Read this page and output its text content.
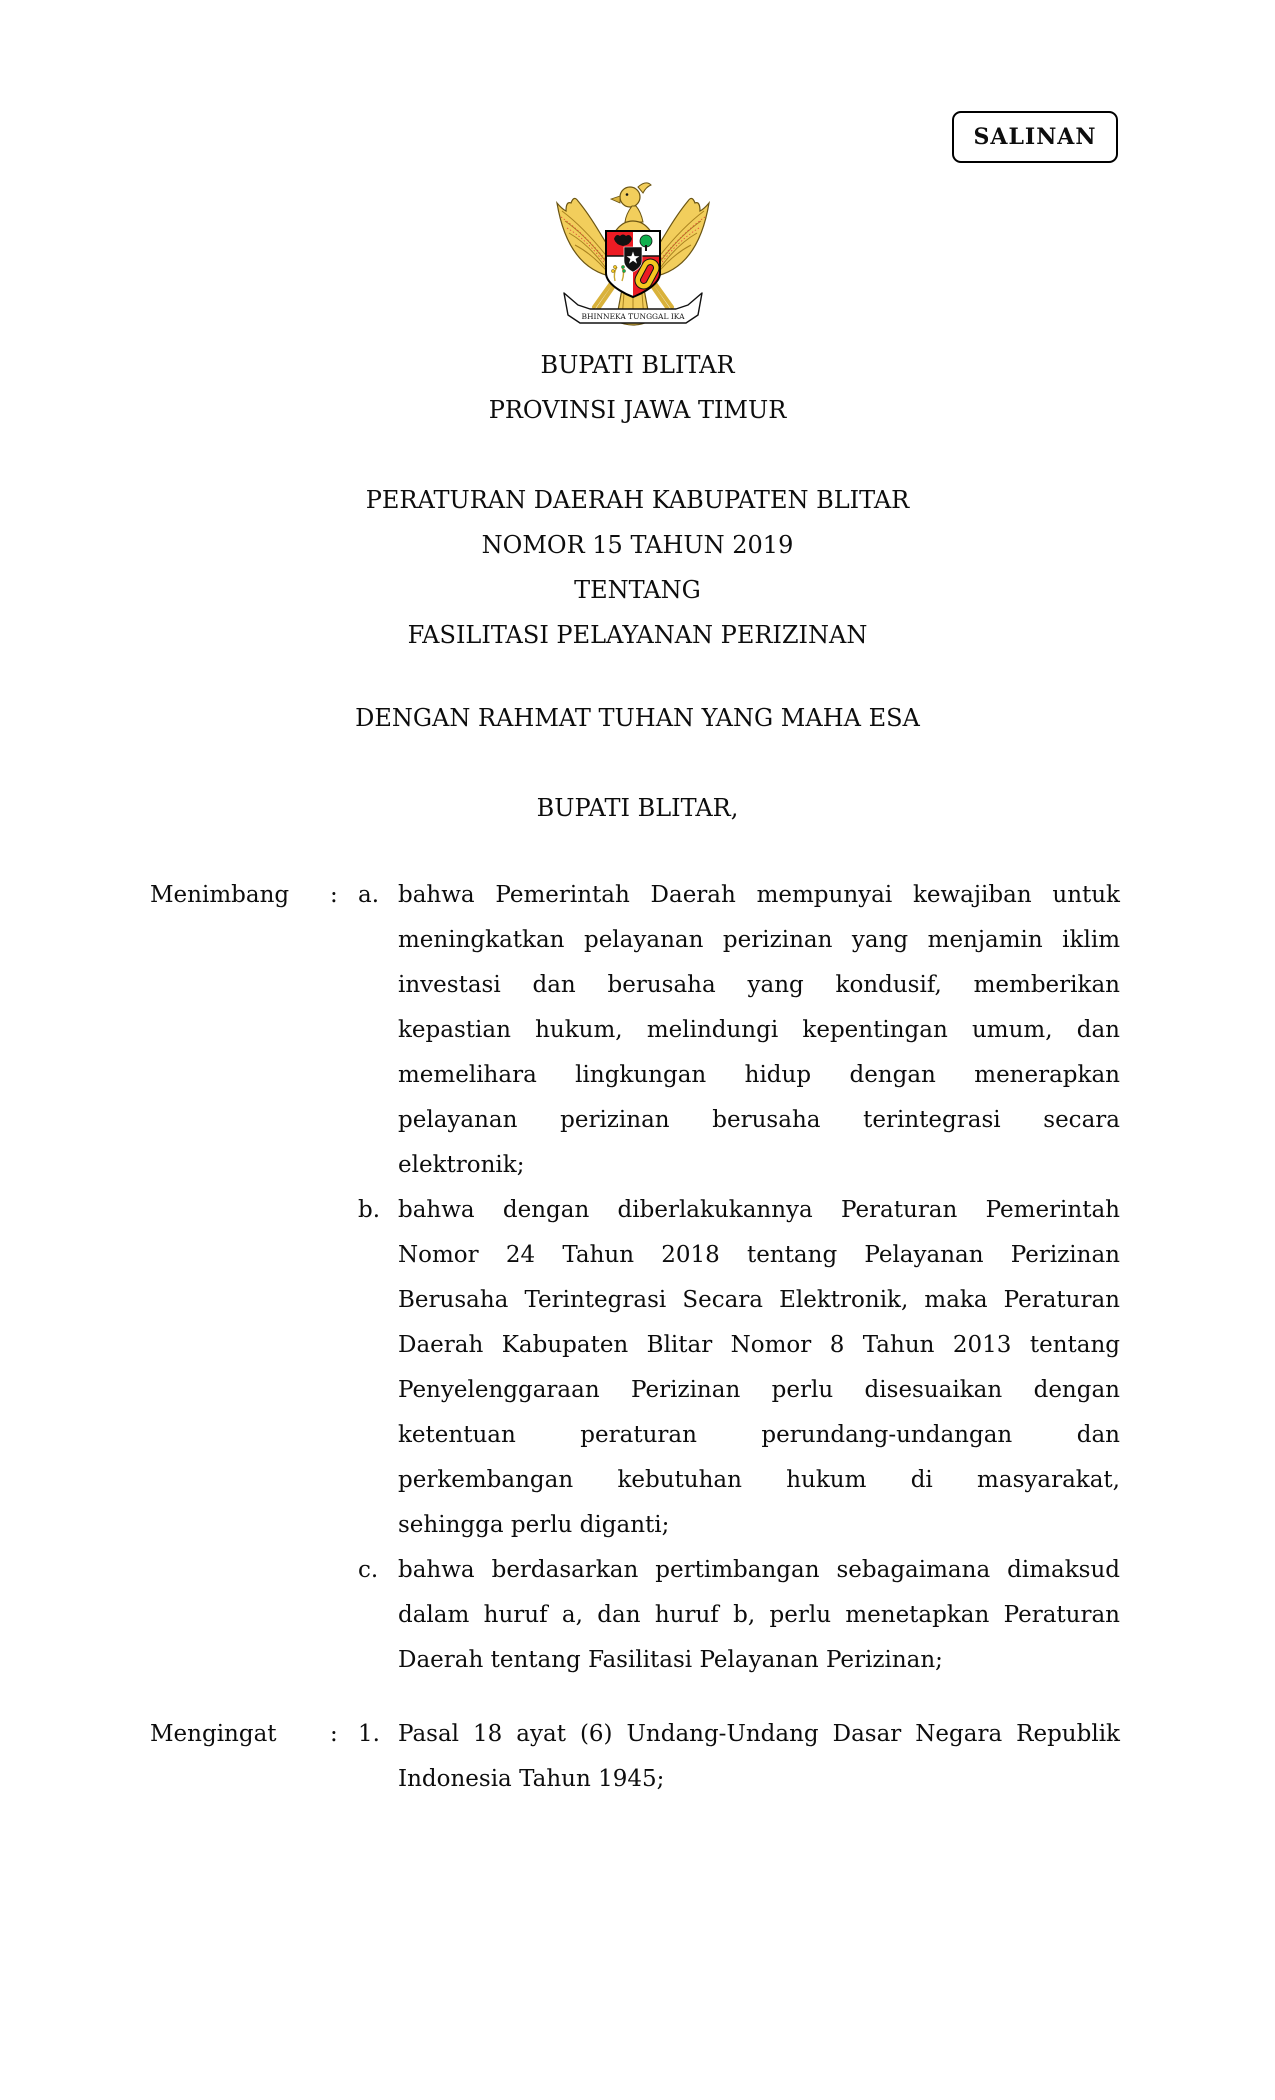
SALINAN
BHINNEKA TUNGGAL IKA
BUPATI BLITAR
PROVINSI JAWA TIMUR
PERATURAN DAERAH KABUPATEN BLITAR
NOMOR 15 TAHUN 2019
TENTANG
FASILITASI PELAYANAN PERIZINAN
DENGAN RAHMAT TUHAN YANG MAHA ESA
BUPATI BLITAR,
Menimbang : a. bahwa Pemerintah Daerah mempunyai kewajiban untuk
meningkatkan pelayanan perizinan yang menjamin iklim
investasi dan berusaha yang kondusif, memberikan
kepastian hukum, melindungi kepentingan umum, dan
memelihara lingkungan hidup dengan menerapkan
pelayanan perizinan berusaha terintegrasi secara
elektronik;
b. bahwa dengan diberlakukannya Peraturan Pemerintah
Nomor 24 Tahun 2018 tentang Pelayanan Perizinan
Berusaha Terintegrasi Secara Elektronik, maka Peraturan
Daerah Kabupaten Blitar Nomor 8 Tahun 2013 tentang
Penyelenggaraan Perizinan perlu disesuaikan dengan
ketentuan peraturan perundang-undangan dan
perkembangan kebutuhan hukum di masyarakat,
sehingga perlu diganti;
c. bahwa berdasarkan pertimbangan sebagaimana dimaksud
dalam huruf a, dan huruf b, perlu menetapkan Peraturan
Daerah tentang Fasilitasi Pelayanan Perizinan;
Mengingat : 1. Pasal 18 ayat (6) Undang-Undang Dasar Negara Republik
Indonesia Tahun 1945;
